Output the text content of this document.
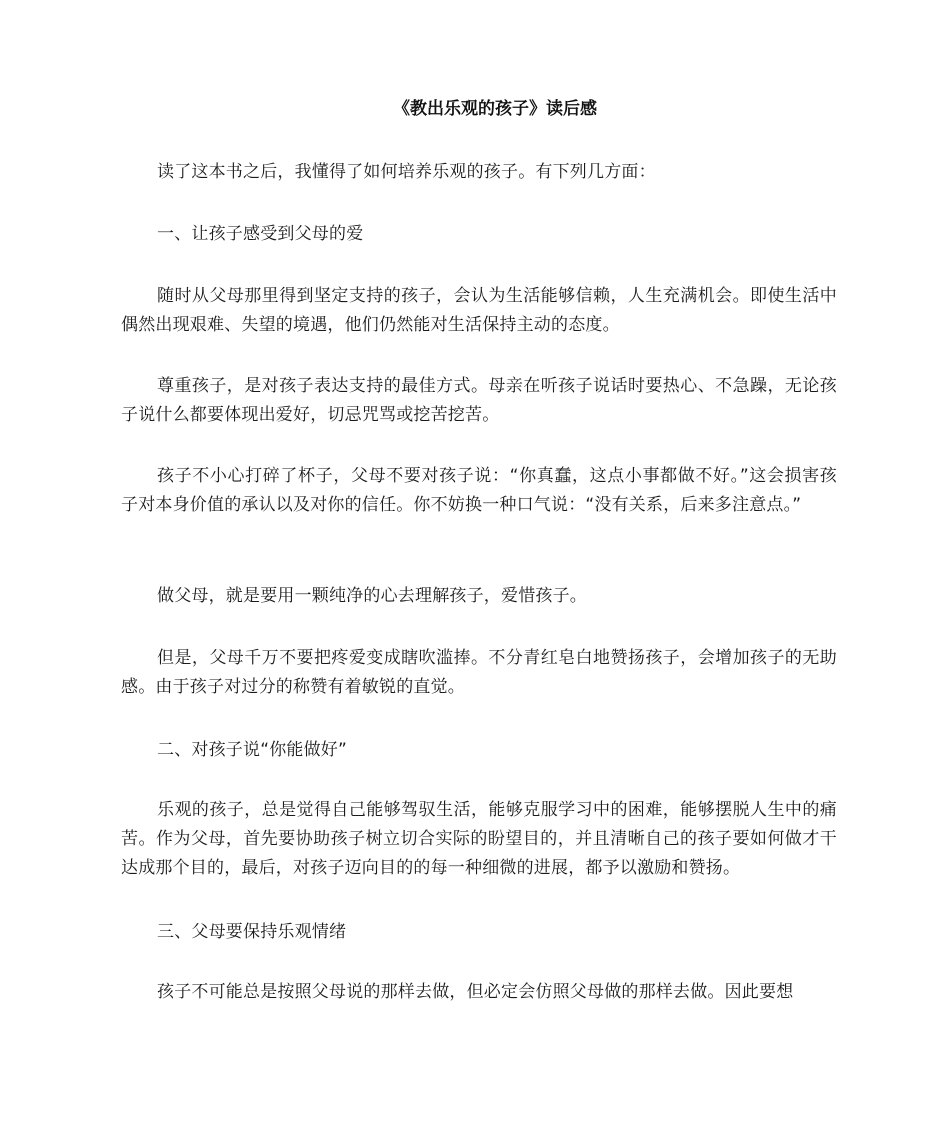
《教出乐观的孩子》读后感
读了这本书之后，我懂得了如何培养乐观的孩子。有下列几方面：
一、让孩子感受到父母的爱
随时从父母那里得到坚定支持的孩子，会认为生活能够信赖，人生充满机会。即使生活中偶然出现艰难、失望的境遇，他们仍然能对生活保持主动的态度。
尊重孩子，是对孩子表达支持的最佳方式。母亲在听孩子说话时要热心、不急躁，无论孩子说什么都要体现出爱好，切忌咒骂或挖苦挖苦。
孩子不小心打碎了杯子，父母不要对孩子说：“你真蠢，这点小事都做不好。”这会损害孩子对本身价值的承认以及对你的信任。你不妨换一种口气说：“没有关系，后来多注意点。”
做父母，就是要用一颗纯净的心去理解孩子，爱惜孩子。
但是，父母千万不要把疼爱变成瞎吹滥捧。不分青红皂白地赞扬孩子，会增加孩子的无助感。由于孩子对过分的称赞有着敏锐的直觉。
二、对孩子说“你能做好”
乐观的孩子，总是觉得自己能够驾驭生活，能够克服学习中的困难，能够摆脱人生中的痛苦。作为父母，首先要协助孩子树立切合实际的盼望目的，并且清晰自己的孩子要如何做才干达成那个目的，最后，对孩子迈向目的的每一种细微的进展，都予以激励和赞扬。
三、父母要保持乐观情绪
孩子不可能总是按照父母说的那样去做，但必定会仿照父母做的那样去做。因此要想
